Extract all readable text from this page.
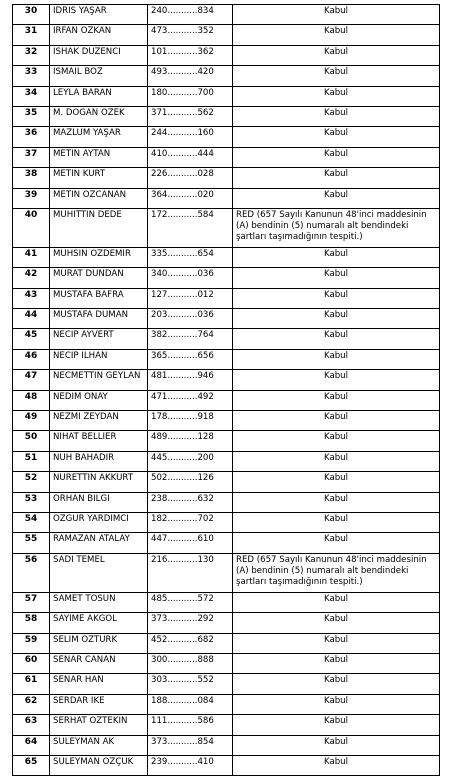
30	IDRIS YAŞAR	240...........834	Kabul
31	IRFAN OZKAN	473...........352	Kabul
32	ISHAK DUZENCI	101...........362	Kabul
33	ISMAIL BOZ	493...........420	Kabul
34	LEYLA BARAN	180...........700	Kabul
35	M. DOGAN OZEK	371...........562	Kabul
36	MAZLUM YAŞAR	244...........160	Kabul
37	METIN AYTAN	410...........444	Kabul
38	METIN KURT	226...........028	Kabul
39	METIN OZCANAN	364...........020	Kabul
40	MUHITTIN DEDE	172...........584	RED (657 Sayılı Kanunun 48'inci maddesinin (A) bendinin (5) numaralı alt bendindeki şartları taşımadığının tespiti.)
41	MUHSIN OZDEMIR	335...........654	Kabul
42	MURAT DUNDAN	340...........036	Kabul
43	MUSTAFA BAFRA	127...........012	Kabul
44	MUSTAFA DUMAN	203...........036	Kabul
45	NECIP AYVERT	382...........764	Kabul
46	NECIP ILHAN	365...........656	Kabul
47	NECMETTIN GEYLAN	481...........946	Kabul
48	NEDIM ONAY	471...........492	Kabul
49	NEZMI ZEYDAN	178...........918	Kabul
50	NIHAT BELLIER	489...........128	Kabul
51	NUH BAHADIR	445...........200	Kabul
52	NURETTIN AKKURT	502...........126	Kabul
53	ORHAN BILGI	238...........632	Kabul
54	OZGUR YARDIMCI	182...........702	Kabul
55	RAMAZAN ATALAY	447...........610	Kabul
56	SADI TEMEL	216...........130	RED (657 Sayılı Kanunun 48'inci maddesinin (A) bendinin (5) numaralı alt bendindeki şartları taşımadığının tespiti.)
57	SAMET TOSUN	485...........572	Kabul
58	SAYIME AKGOL	373...........292	Kabul
59	SELIM OZTURK	452...........682	Kabul
60	SENAR CANAN	300...........888	Kabul
61	SENAR HAN	303...........552	Kabul
62	SERDAR IKE	188...........084	Kabul
63	SERHAT OZTEKIN	111...........586	Kabul
64	SULEYMAN AK	373...........854	Kabul
65	SULEYMAN OZÇUK	239...........410	Kabul
